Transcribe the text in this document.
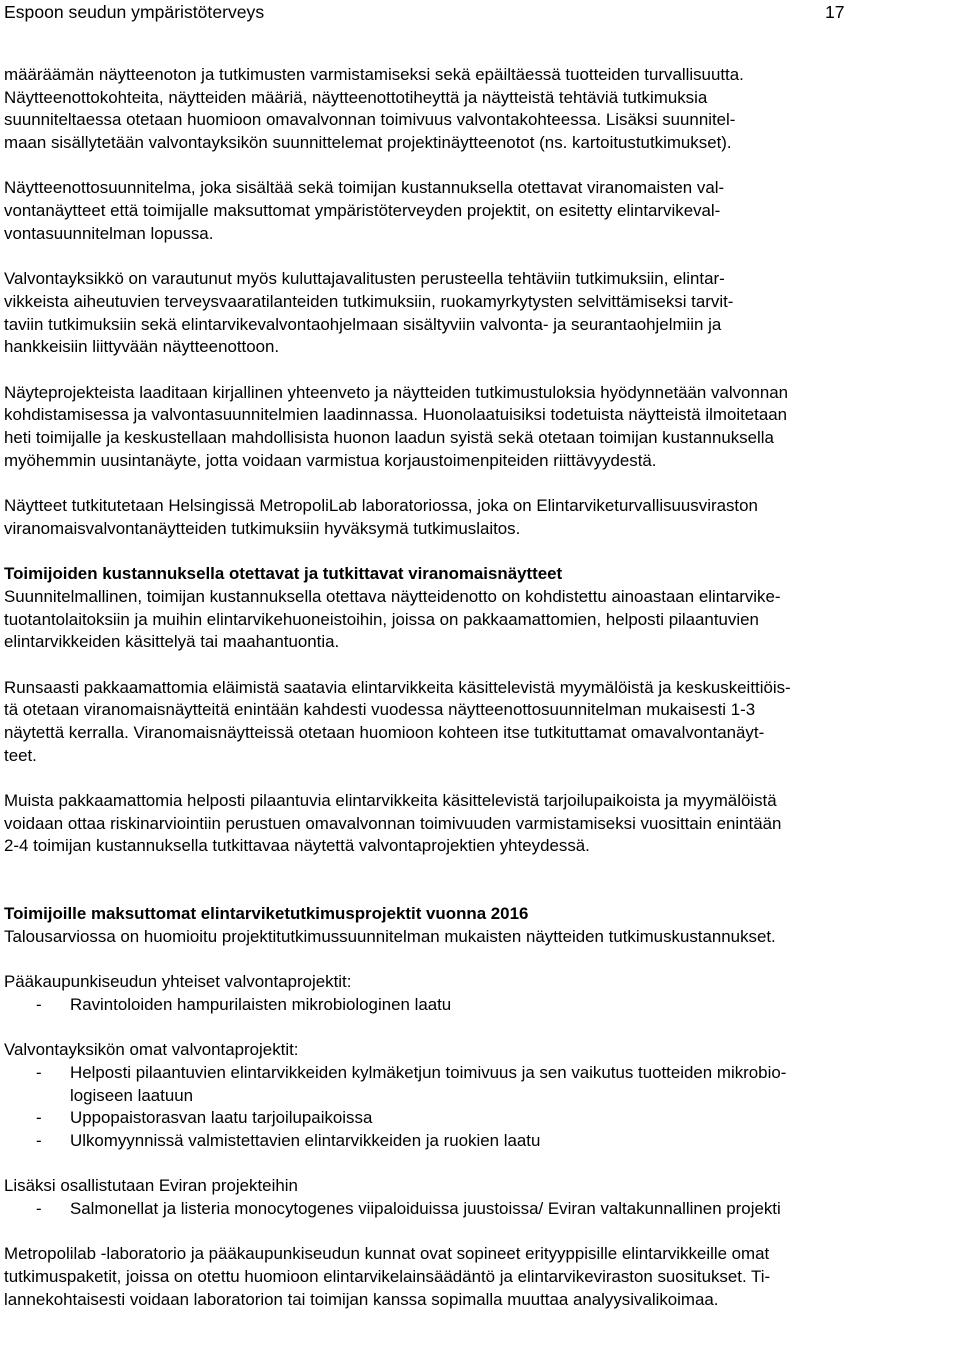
Espoon seudun ympäristöterveys	17
määräämän näytteenoton ja tutkimusten varmistamiseksi sekä epäiltäessä tuotteiden turvallisuutta.
Näytteenottokohteita, näytteiden määriä, näytteenottotiheyttä ja näytteistä tehtäviä tutkimuksia
suunniteltaessa otetaan huomioon omavalvonnan toimivuus valvontakohteessa. Lisäksi suunnitel-
maan sisällytetään valvontayksikön suunnittelemat projektinäytteenotot (ns. kartoitustutkimukset).
Näytteenottosuunnitelma, joka sisältää sekä toimijan kustannuksella otettavat viranomaisten val-
vontanäytteet että toimijalle maksuttomat ympäristöterveyden projektit, on esitetty elintarvikeval-
vontasuunnitelman lopussa.
Valvontayksikkö on varautunut myös kuluttajavalitusten perusteella tehtäviin tutkimuksiin, elintar-
vikkeista aiheutuvien terveysvaaratilanteiden tutkimuksiin, ruokamyrkytysten selvittämiseksi tarvit-
taviin tutkimuksiin sekä elintarvikevalvontaohjelmaan sisältyviin valvonta- ja seurantaohjelmiin ja
hankkeisiin liittyvään näytteenottoon.
Näyteprojekteista laaditaan kirjallinen yhteenveto ja näytteiden tutkimustuloksia hyödynnetään valvonnan
kohdistamisessa ja valvontasuunnitelmien laadinnassa. Huonolaatuisiksi todetuista näytteistä ilmoitetaan
heti toimijalle ja keskustellaan mahdollisista huonon laadun syistä sekä otetaan toimijan kustannuksella
myöhemmin uusintanäyte, jotta voidaan varmistua korjaustoimenpiteiden riittävyydestä.
Näytteet tutkitutetaan Helsingissä MetropoliLab laboratoriossa, joka on Elintarviketurvallisuusviraston
viranomaisvalvontanäytteiden tutkimuksiin hyväksymä tutkimuslaitos.
Toimijoiden kustannuksella otettavat ja tutkittavat viranomaisnäytteet
Suunnitelmallinen, toimijan kustannuksella otettava näytteidenotto on kohdistettu ainoastaan elintarvike-
tuotantolaitoksiin ja muihin elintarvikehuoneistoihin, joissa on pakkaamattomien, helposti pilaantuvien
elintarvikkeiden käsittelyä tai maahantuontia.
Runsaasti pakkaamattomia eläimistä saatavia elintarvikkeita käsittelevistä myymälöistä ja keskuskeittiöis-
tä otetaan viranomaisnäytteitä enintään kahdesti vuodessa näytteenottosuunnitelman mukaisesti 1-3
näytettä kerralla. Viranomaisnäytteissä otetaan huomioon kohteen itse tutkituttamat omavalvontanäyt-
teet.
Muista pakkaamattomia helposti pilaantuvia elintarvikkeita käsittelevistä tarjoilupaikoista ja myymälöistä
voidaan ottaa riskinarviointiin perustuen omavalvonnan toimivuuden varmistamiseksi vuosittain enintään
2-4 toimijan kustannuksella tutkittavaa näytettä valvontaprojektien yhteydessä.
Toimijoille maksuttomat elintarviketutkimusprojektit vuonna 2016
Talousarviossa on huomioitu projektitutkimussuunnitelman mukaisten näytteiden tutkimuskustannukset.
Pääkaupunkiseudun yhteiset valvontaprojektit:
- Ravintoloiden hampurilaisten mikrobiologinen laatu
Valvontayksikön omat valvontaprojektit:
- Helposti pilaantuvien elintarvikkeiden kylmäketjun toimivuus ja sen vaikutus tuotteiden mikrobio-
logiseen laatuun
- Uppopaistorasvan laatu tarjoilupaikoissa
- Ulkomyynnissä valmistettavien elintarvikkeiden ja ruokien laatu
Lisäksi osallistutaan Eviran projekteihin
- Salmonellat ja listeria monocytogenes viipaloiduissa juustoissa/ Eviran valtakunnallinen projekti
Metropolilab -laboratorio ja pääkaupunkiseudun kunnat ovat sopineet erityyppisille elintarvikkeille omat
tutkimuspaketit, joissa on otettu huomioon elintarvikelainsäädäntö ja elintarvikeviraston suositukset. Ti-
lannekohtaisesti voidaan laboratorion tai toimijan kanssa sopimalla muuttaa analyysivalikoimaa.
